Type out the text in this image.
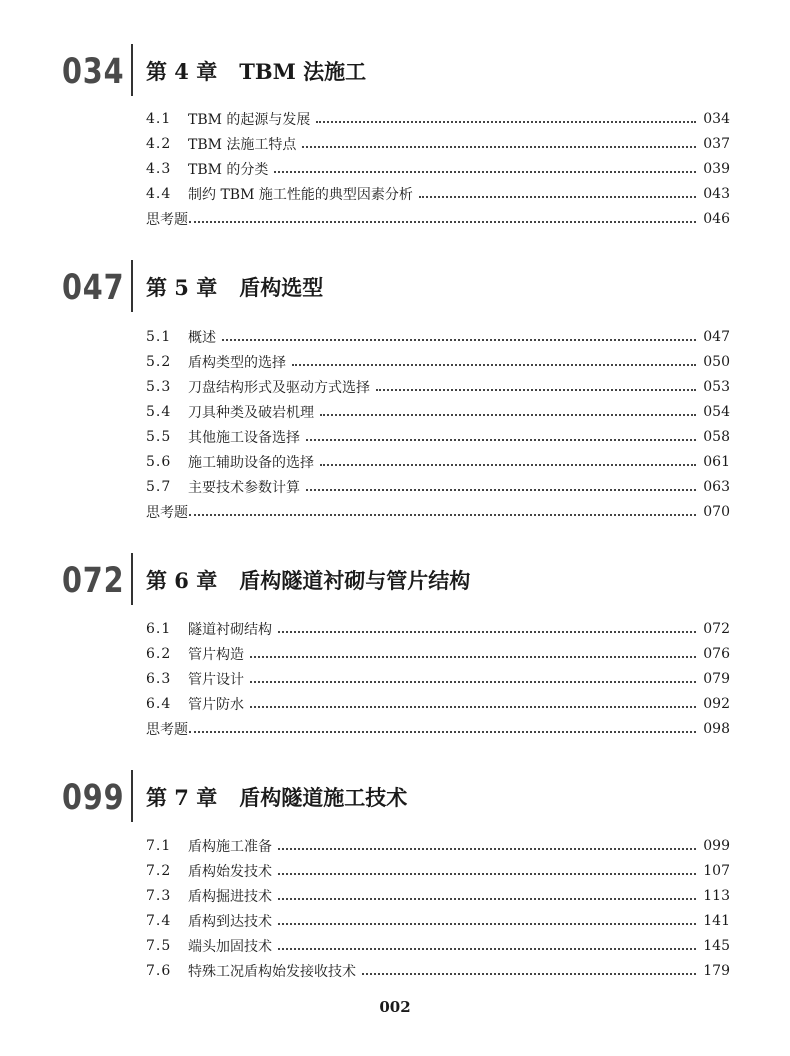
034 第 4 章 TBM 法施工
4.1	TBM 的起源与发展	034
4.2	TBM 法施工特点	037
4.3	TBM 的分类	039
4.4	制约 TBM 施工性能的典型因素分析	043
思考题	046
047 第 5 章 盾构选型
5.1	概述	047
5.2	盾构类型的选择	050
5.3	刀盘结构形式及驱动方式选择	053
5.4	刀具种类及破岩机理	054
5.5	其他施工设备选择	058
5.6	施工辅助设备的选择	061
5.7	主要技术参数计算	063
思考题	070
072 第 6 章 盾构隧道衬砌与管片结构
6.1	隧道衬砌结构	072
6.2	管片构造	076
6.3	管片设计	079
6.4	管片防水	092
思考题	098
099 第 7 章 盾构隧道施工技术
7.1	盾构施工准备	099
7.2	盾构始发技术	107
7.3	盾构掘进技术	113
7.4	盾构到达技术	141
7.5	端头加固技术	145
7.6	特殊工况盾构始发接收技术	179
002
